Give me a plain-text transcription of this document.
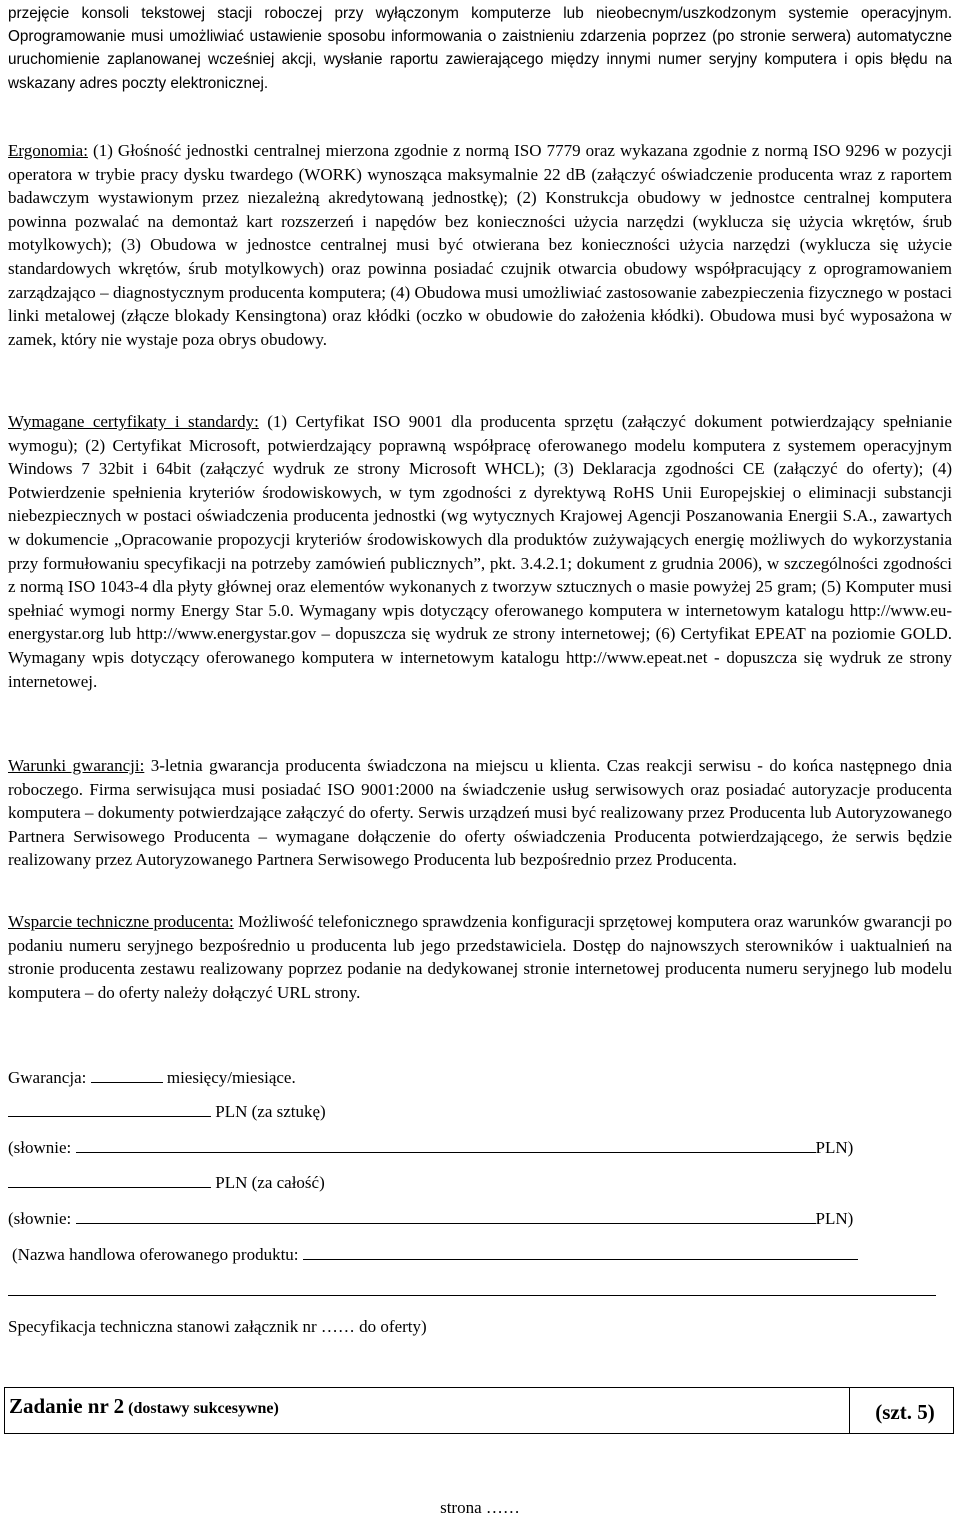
przejęcie konsoli tekstowej stacji roboczej przy wyłączonym komputerze lub nieobecnym/uszkodzonym systemie operacyjnym. Oprogramowanie musi umożliwiać ustawienie sposobu informowania o zaistnieniu zdarzenia poprzez (po stronie serwera) automatyczne uruchomienie zaplanowanej wcześniej akcji, wysłanie raportu zawierającego między innymi numer seryjny komputera i opis błędu na wskazany adres poczty elektronicznej.

Ergonomia: (1) Głośność jednostki centralnej mierzona zgodnie z normą ISO 7779 oraz wykazana zgodnie z normą ISO 9296 w pozycji operatora w trybie pracy dysku twardego (WORK) wynosząca maksymalnie 22 dB (załączyć oświadczenie producenta wraz z raportem badawczym wystawionym przez niezależną akredytowaną jednostkę); (2) Konstrukcja obudowy w jednostce centralnej komputera powinna pozwalać na demontaż kart rozszerzeń i napędów bez konieczności użycia narzędzi (wyklucza się użycia wkrętów, śrub motylkowych); (3) Obudowa w jednostce centralnej musi być otwierana bez konieczności użycia narzędzi (wyklucza się użycie standardowych wkrętów, śrub motylkowych) oraz powinna posiadać czujnik otwarcia obudowy współpracujący z oprogramowaniem zarządzająco – diagnostycznym producenta komputera; (4) Obudowa musi umożliwiać zastosowanie zabezpieczenia fizycznego w postaci linki metalowej (złącze blokady Kensingtona) oraz kłódki (oczko w obudowie do założenia kłódki). Obudowa musi być wyposażona w zamek, który nie wystaje poza obrys obudowy.

Wymagane certyfikaty i standardy: (1) Certyfikat ISO 9001 dla producenta sprzętu (załączyć dokument potwierdzający spełnianie wymogu); (2) Certyfikat Microsoft, potwierdzający poprawną współpracę oferowanego modelu komputera z systemem operacyjnym Windows 7 32bit i 64bit (załączyć wydruk ze strony Microsoft WHCL); (3) Deklaracja zgodności CE (załączyć do oferty); (4) Potwierdzenie spełnienia kryteriów środowiskowych, w tym zgodności z dyrektywą RoHS Unii Europejskiej o eliminacji substancji niebezpiecznych w postaci oświadczenia producenta jednostki (wg wytycznych Krajowej Agencji Poszanowania Energii S.A., zawartych w dokumencie „Opracowanie propozycji kryteriów środowiskowych dla produktów zużywających energię możliwych do wykorzystania przy formułowaniu specyfikacji na potrzeby zamówień publicznych”, pkt. 3.4.2.1; dokument z grudnia 2006), w szczególności zgodności z normą ISO 1043-4 dla płyty głównej oraz elementów wykonanych z tworzyw sztucznych o masie powyżej 25 gram; (5) Komputer musi spełniać wymogi normy Energy Star 5.0. Wymagany wpis dotyczący oferowanego komputera w internetowym katalogu http://www.eu-energystar.org lub http://www.energystar.gov – dopuszcza się wydruk ze strony internetowej; (6) Certyfikat EPEAT na poziomie GOLD. Wymagany wpis dotyczący oferowanego komputera w internetowym katalogu http://www.epeat.net - dopuszcza się wydruk ze strony internetowej.

Warunki gwarancji: 3-letnia gwarancja producenta świadczona na miejscu u klienta. Czas reakcji serwisu - do końca następnego dnia roboczego. Firma serwisująca musi posiadać ISO 9001:2000 na świadczenie usług serwisowych oraz posiadać autoryzacje producenta komputera – dokumenty potwierdzające załączyć do oferty. Serwis urządzeń musi być realizowany przez Producenta lub Autoryzowanego Partnera Serwisowego Producenta – wymagane dołączenie do oferty oświadczenia Producenta potwierdzającego, że serwis będzie realizowany przez Autoryzowanego Partnera Serwisowego Producenta lub bezpośrednio przez Producenta.

Wsparcie techniczne producenta: Możliwość telefonicznego sprawdzenia konfiguracji sprzętowej komputera oraz warunków gwarancji po podaniu numeru seryjnego bezpośrednio u producenta lub jego przedstawiciela. Dostęp do najnowszych sterowników i uaktualnień na stronie producenta zestawu realizowany poprzez podanie na dedykowanej stronie internetowej producenta numeru seryjnego lub modelu komputera – do oferty należy dołączyć URL strony.

Gwarancja:	miesięcy/miesiące.
PLN (za sztukę)
(słownie:	PLN)
PLN (za całość)
(słownie:	PLN)
(Nazwa handlowa oferowanego produktu:
Specyfikacja techniczna stanowi załącznik nr …… do oferty)
Zadanie nr 2 (dostawy sukcesywne)	(szt. 5)
strona ……
